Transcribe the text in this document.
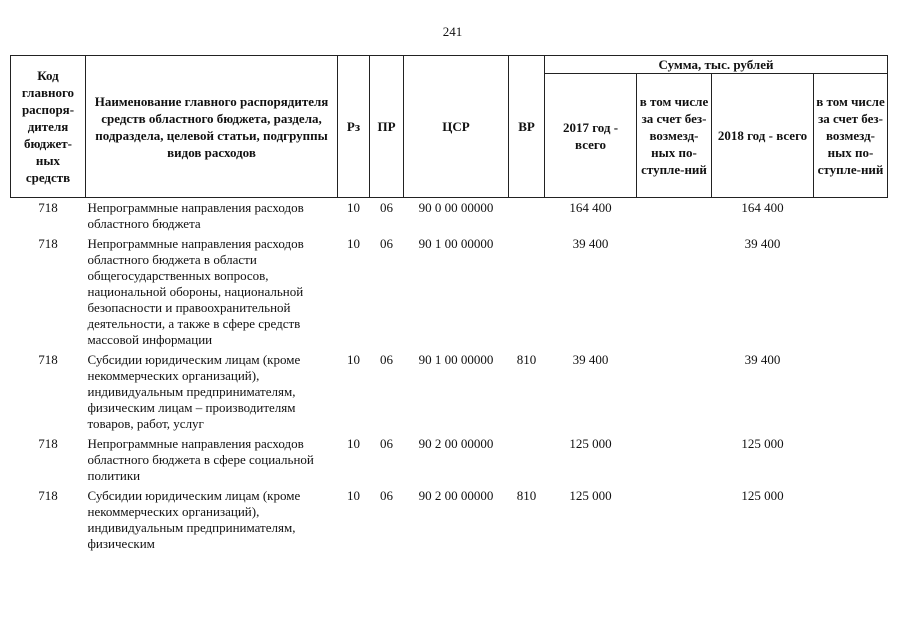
241
Код главного распоря-дителя бюджет-ных средств	Наименование главного распорядителя средств областного бюджета, раздела, подраздела, целевой статьи, подгруппы видов расходов	Рз	ПР	ЦСР	ВР	Сумма, тыс. рублей			
						2017 год - всего	в том числе за счет без-возмезд-ных по-ступле-ний	2018 год - всего	в том числе за счет без-возмезд-ных по-ступле-ний
718	Непрограммные направления расходов областного бюджета	10	06	90 0 00 00000		164 400		164 400	
718	Непрограммные направления расходов областного бюджета в области общегосударственных вопросов, национальной обороны, национальной безопасности и правоохранительной деятельности, а также в сфере средств массовой информации	10	06	90 1 00 00000		39 400		39 400	
718	Субсидии юридическим лицам (кроме некоммерческих организаций), индивидуальным предпринимателям, физическим лицам – производителям товаров, работ, услуг	10	06	90 1 00 00000	810	39 400		39 400	
718	Непрограммные направления расходов областного бюджета в сфере социальной политики	10	06	90 2 00 00000		125 000		125 000	
718	Субсидии юридическим лицам (кроме некоммерческих организаций), индивидуальным предпринимателям, физическим	10	06	90 2 00 00000	810	125 000		125 000	
